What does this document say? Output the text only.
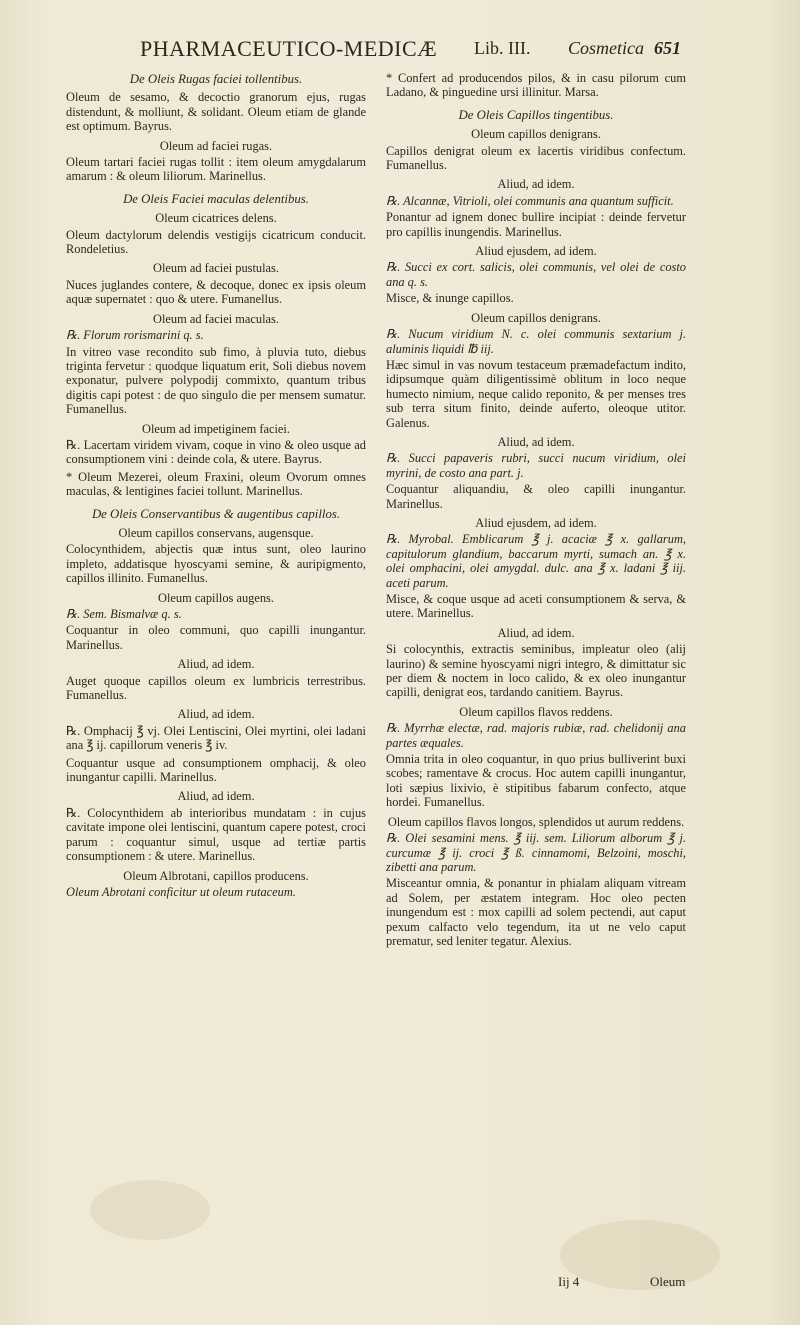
PHARMACEUTICO-MEDICÆ Lib. III. Cosmetica 651

De Oleis Rugas faciei tollentibus.

Oleum de sesamo, & decoctio granorum ejus, rugas distendunt, & molliunt, & solidant. Oleum etiam de glande est optimum. Bayrus.

Oleum ad faciei rugas.

Oleum tartari faciei rugas tollit : item oleum amygdalarum amarum : & oleum liliorum. Marinellus.

De Oleis Faciei maculas delentibus.

Oleum cicatrices delens.

Oleum dactylorum delendis vestigijs cicatricum conducit. Rondeletius.

Oleum ad faciei pustulas.

Nuces juglandes contere, & decoque, donec ex ipsis oleum aquæ supernatet : quo & utere. Fumanellus.

Oleum ad faciei maculas.

℞. Florum rorismarini q. s.

In vitreo vase recondito sub fimo, à pluvia tuto, diebus triginta fervetur : quodque liquatum erit, Soli diebus novem exponatur, pulvere polypodij commixto, quantum tribus digitis capi potest : de quo singulo die per mensem sumatur. Fumanellus.

Oleum ad impetiginem faciei.

℞. Lacertam viridem vivam, coque in vino & oleo usque ad consumptionem vini : deinde cola, & utere. Bayrus.

* Oleum Mezerei, oleum Fraxini, oleum Ovorum omnes maculas, & lentigines faciei tollunt. Marinellus.

De Oleis Conservantibus & augentibus capillos.

Oleum capillos conservans, augensque.

Colocynthidem, abjectis quæ intus sunt, oleo laurino impleto, addatisque hyoscyami semine, & auripigmento, capillos illinito. Fumanellus.

Oleum capillos augens.

℞. Sem. Bismalvæ q. s.

Coquantur in oleo communi, quo capilli inungantur. Marinellus.

Aliud, ad idem.

Auget quoque capillos oleum ex lumbricis terrestribus. Fumanellus.

Aliud, ad idem.

℞. Omphacij ℥ vj. Olei Lentiscini, Olei myrtini, olei ladani ana ℥ ij. capillorum veneris ℥ iv.

Coquantur usque ad consumptionem omphacij, & oleo inungantur capilli. Marinellus.

Aliud, ad idem.

℞. Colocynthidem ab interioribus mundatam : in cujus cavitate impone olei lentiscini, quantum capere potest, croci parum : coquantur simul, usque ad tertiæ partis consumptionem : & utere. Marinellus.

Oleum Albrotani, capillos producens.

Oleum Abrotani conficitur ut oleum rutaceum.

* Confert ad producendos pilos, & in casu pilorum cum Ladano, & pinguedine ursi illinitur. Marsa.

De Oleis Capillos tingentibus.

Oleum capillos denigrans.

Capillos denigrat oleum ex lacertis viridibus confectum. Fumanellus.

Aliud, ad idem.

℞. Alcannæ, Vitrioli, olei communis ana quantum sufficit.

Ponantur ad ignem donec bullire incipiat : deinde fervetur pro capillis inungendis. Marinellus.

Aliud ejusdem, ad idem.

℞. Succi ex cort. salicis, olei communis, vel olei de costo ana q. s.

Misce, & inunge capillos.

Oleum capillos denigrans.

℞. Nucum viridium N. c. olei communis sextarium j. aluminis liquidi ℔ iij.

Hæc simul in vas novum testaceum præmadefactum indito, idipsumque quàm diligentissimè oblitum in loco neque humecto nimium, neque calido reponito, & per menses tres sub terra situm finito, deinde auferto, oleoque utitor. Galenus.

Aliud, ad idem.

℞. Succi papaveris rubri, succi nucum viridium, olei myrini, de costo ana part. j.

Coquantur aliquandiu, & oleo capilli inungantur. Marinellus.

Aliud ejusdem, ad idem.

℞. Myrobal. Emblicarum ℥ j. acaciæ ℥ x. gallarum, capitulorum glandium, baccarum myrti, sumach an. ℥ x. olei omphacini, olei amygdal. dulc. ana ℥ x. ladani ℥ iij. aceti parum.

Misce, & coque usque ad aceti consumptionem & serva, & utere. Marinellus.

Aliud, ad idem.

Si colocynthis, extractis seminibus, impleatur oleo (alij laurino) & semine hyoscyami nigri integro, & dimittatur sic per diem & noctem in loco calido, & ex oleo inungantur capilli, denigrat eos, tardando canitiem. Bayrus.

Oleum capillos flavos reddens.

℞. Myrrhæ electæ, rad. majoris rubiæ, rad. chelidonij ana partes æquales.

Omnia trita in oleo coquantur, in quo prius bulliverint buxi scobes; ramentave & crocus. Hoc autem capilli inungantur, loti sæpius lixivio, è stipitibus fabarum confecto, atque hordei. Fumanellus.

Oleum capillos flavos longos, splendidos ut aurum reddens.

℞. Olei sesamini mens. ℥ iij. sem. Liliorum alborum ℥ j. curcumæ ℥ ij. croci ℥ ß. cinnamomi, Belzoini, moschi, zibetti ana parum.

Misceantur omnia, & ponantur in phialam aliquam vitream ad Solem, per æstatem integram. Hoc oleo pecten inungendum est : mox capilli ad solem pectendi, aut caput pexum calfacto velo tegendum, ita ut ne velo caput prematur, sed leniter tegatur. Alexius.

Iij 4	Oleum
